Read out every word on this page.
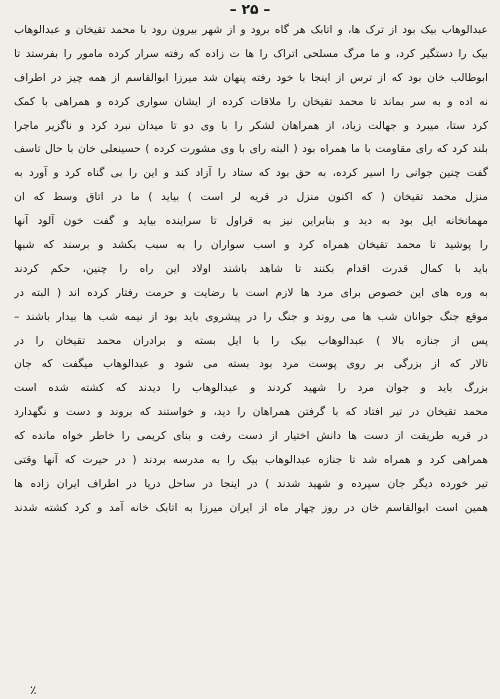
– ۲۵ –
عبدالوهاب بیک بود از ترک ها، و اتابک هر گاه برود و از شهر بیرون رود با محمد تقیخان و عبدالوهاب
بیک را دستگیر کرد، و ما مرگ مسلحی اتراک را ها ت زاده که رفته سرار کرده مامور را بفرستد تا
ابوطالب خان بود که از ترس از اینجا با خود رفته پنهان شد میرزا ابوالقاسم از همه چیز در اطراف
نه اده و به سر بماند تا محمد تقیخان را ملاقات کرده از ایشان سواری کرده و همراهی با کمک
کرد ستا، میبرد و جهالت زیاد، از همراهان لشکر را با وی دو تا میدان نبرد کرد و ناگزیر ماجرا
بلند کرد که رای مقاومت با ما همراه بود ( البته رای با وی مشورت کرده ) حسینعلی خان با حال تاسف
گفت چنین جوانی را اسیر کرده، به حق بود که ستاد را آزاد کند و این را بی گناه کرد و آورد به
منزل محمد تقیخان ( که اکنون منزل در قریه لر است ) بیاید ) ما در اتاق وسط که ان
مهمانخانه ایل بود به دید و بنابراین نیز به قراول تا سراینده بیاید و گفت خون آلود آنها
را پوشید تا محمد تقیخان همراه کرد و اسب سواران را به سبب بکشد و برسند که شبها
باید با کمال قدرت اقدام بکنند تا شاهد باشند اولاد این راه را چنین، حکم کردند
به وره های این خصوص برای مرد ها لازم است با رضایت و حرمت رفتار کرده اند ( البته در
موقع جنگ جوانان شب ها می روند و جنگ را در پیشروی باید بود از نیمه شب ها بیدار باشند –
پس از جنازه بالا ) عبدالوهاب بیک را با ایل بسته و برادران محمد تقیخان را در
تالار که از بزرگی بر روی پوست مرد بود بسته می شود و عبدالوهاب میگفت که جان
بزرگ باید و جوان مرد را شهید کردند و عبدالوهاب را دیدند که کشته شده است
محمد تقیخان در تیر افتاد که با گرفتن همراهان را دید، و خواستند که بروند و دست و نگهدارد
در قریه طریقت از دست ها دانش اختیار از دست رفت و بنای کریمی را خاطر خواه مانده که
همراهی کرد و همراه شد تا جنازه عبدالوهاب بیک را به مدرسه بردند ( در حیرت که آنها وقتی
تیر خورده دیگر جان سپرده و شهید شدند ) در اینجا در ساحل دریا در اطراف ایران زاده ها
همین است ابوالقاسم خان در روز چهار ماه از ایران میرزا به اتابک خانه آمد و کرد کشته شدند
٪
